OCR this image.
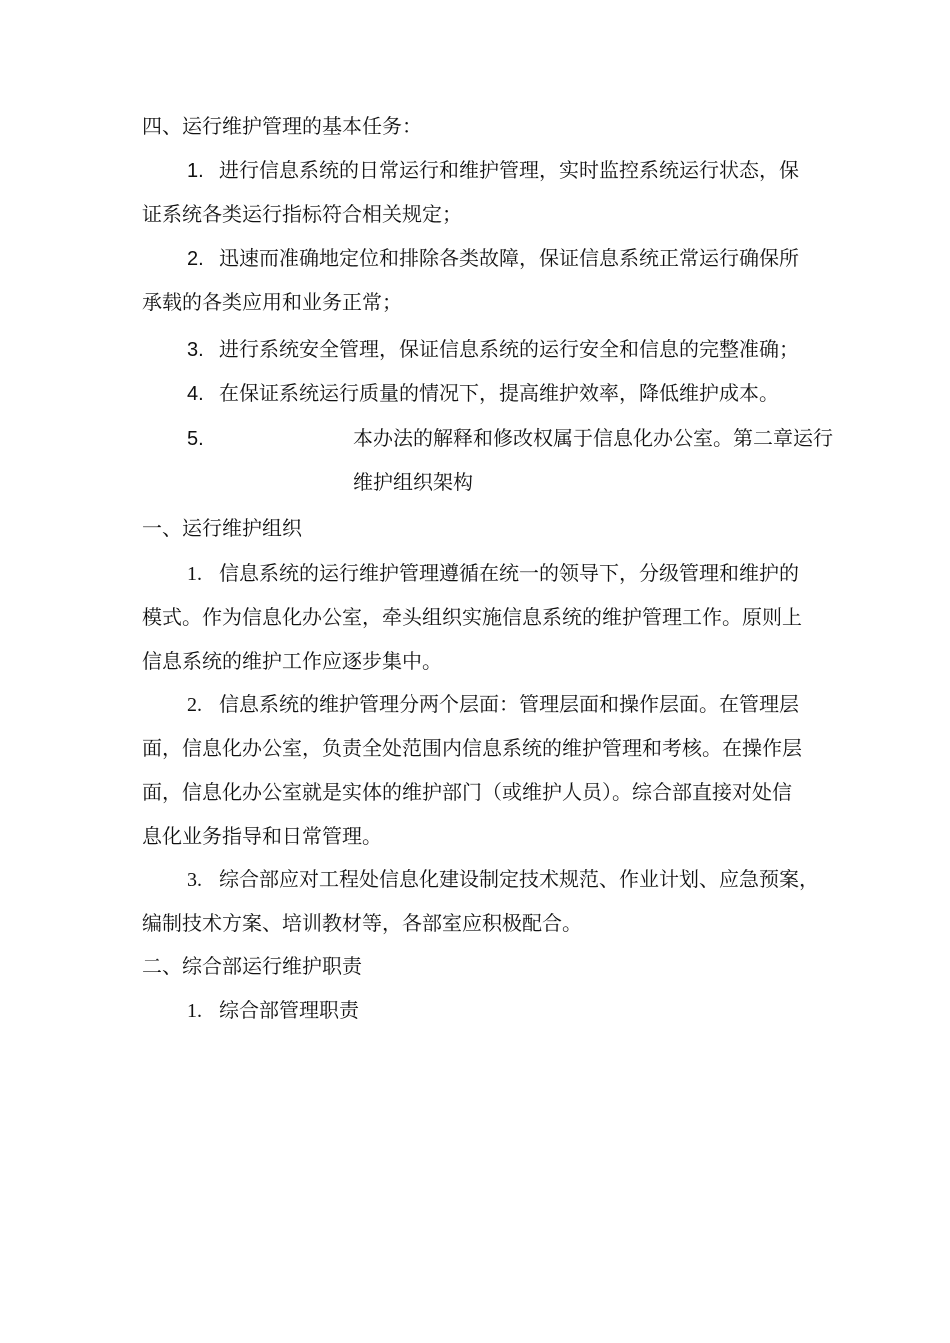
四、运行维护管理的基本任务：
1. 进行信息系统的日常运行和维护管理，实时监控系统运行状态，保
证系统各类运行指标符合相关规定；
2. 迅速而准确地定位和排除各类故障，保证信息系统正常运行确保所
承载的各类应用和业务正常；
3. 进行系统安全管理，保证信息系统的运行安全和信息的完整准确；
4. 在保证系统运行质量的情况下，提高维护效率，降低维护成本。
5.	本办法的解释和修改权属于信息化办公室。第二章运行
维护组织架构
一、运行维护组织
1. 信息系统的运行维护管理遵循在统一的领导下，分级管理和维护的
模式。作为信息化办公室，牵头组织实施信息系统的维护管理工作。原则上
信息系统的维护工作应逐步集中。
2. 信息系统的维护管理分两个层面：管理层面和操作层面。在管理层
面，信息化办公室，负责全处范围内信息系统的维护管理和考核。在操作层
面，信息化办公室就是实体的维护部门（或维护人员）。综合部直接对处信
息化业务指导和日常管理。
3. 综合部应对工程处信息化建设制定技术规范、作业计划、应急预案，
编制技术方案、培训教材等，各部室应积极配合。
二、综合部运行维护职责
1. 综合部管理职责
